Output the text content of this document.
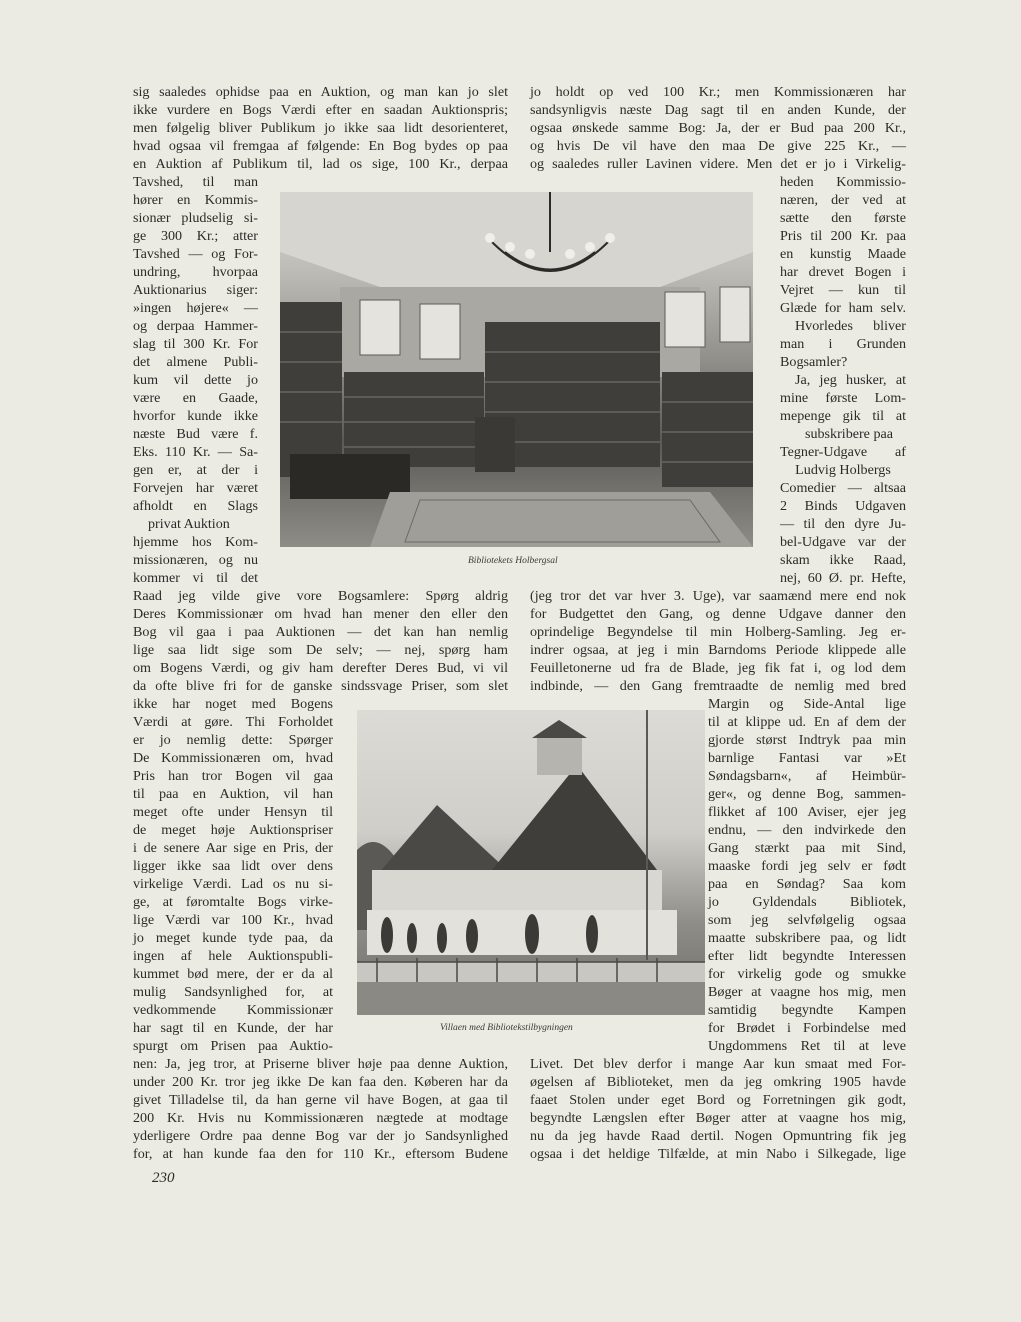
Bibliotekets Holbergsal
Villaen med Bibliotekstilbygningen
sig saaledes ophidse paa en Auktion, og man kan jo slet
ikke vurdere en Bogs Værdi efter en saadan Auktionspris;
men følgelig bliver Publikum jo ikke saa lidt desorienteret,
hvad ogsaa vil fremgaa af følgende: En Bog bydes op paa
en Auktion af Publikum til, lad os sige, 100 Kr., derpaa
Tavshed, til man
hører en Kommis-
sionær pludselig si-
ge 300 Kr.; atter
Tavshed — og For-
undring, hvorpaa
Auktionarius siger:
»ingen højere« —
og derpaa Hammer-
slag til 300 Kr. For
det almene Publi-
kum vil dette jo
være en Gaade,
hvorfor kunde ikke
næste Bud være f.
Eks. 110 Kr. — Sa-
gen er, at der i
Forvejen har været
afholdt en Slags
privat Auktion
hjemme hos Kom-
missionæren, og nu
kommer vi til det
Raad jeg vilde give vore Bogsamlere: Spørg aldrig
Deres Kommissionær om hvad han mener den eller den
Bog vil gaa i paa Auktionen — det kan han nemlig
lige saa lidt sige som De selv; — nej, spørg ham
om Bogens Værdi, og giv ham derefter Deres Bud, vi vil
da ofte blive fri for de ganske sindssvage Priser, som slet
ikke har noget med Bogens
Værdi at gøre. Thi Forholdet
er jo nemlig dette: Spørger
De Kommissionæren om, hvad
Pris han tror Bogen vil gaa
til paa en Auktion, vil han
meget ofte under Hensyn til
de meget høje Auktionspriser
i de senere Aar sige en Pris, der
ligger ikke saa lidt over dens
virkelige Værdi. Lad os nu si-
ge, at føromtalte Bogs virke-
lige Værdi var 100 Kr., hvad
jo meget kunde tyde paa, da
ingen af hele Auktionspubli-
kummet bød mere, der er da al
mulig Sandsynlighed for, at
vedkommende Kommissionær
har sagt til en Kunde, der har
spurgt om Prisen paa Auktio-
nen: Ja, jeg tror, at Priserne bliver høje paa denne Auktion,
under 200 Kr. tror jeg ikke De kan faa den. Køberen har da
givet Tilladelse til, da han gerne vil have Bogen, at gaa til
200 Kr. Hvis nu Kommissionæren nægtede at modtage
yderligere Ordre paa denne Bog var der jo Sandsynlighed
for, at han kunde faa den for 110 Kr., eftersom Budene
jo holdt op ved 100 Kr.; men Kommissionæren har
sandsynligvis næste Dag sagt til en anden Kunde, der
ogsaa ønskede samme Bog: Ja, der er Bud paa 200 Kr.,
og hvis De vil have den maa De give 225 Kr., —
og saaledes ruller Lavinen videre. Men det er jo i Virkelig-
heden Kommissio-
næren, der ved at
sætte den første
Pris til 200 Kr. paa
en kunstig Maade
har drevet Bogen i
Vejret — kun til
Glæde for ham selv.
Hvorledes bliver
man i Grunden
Bogsamler?
Ja, jeg husker, at
mine første Lom-
mepenge gik til at
subskribere paa
Tegner-Udgave af
Ludvig Holbergs
Comedier — altsaa
2 Binds Udgaven
— til den dyre Ju-
bel-Udgave var der
skam ikke Raad,
nej, 60 Ø. pr. Hefte,
(jeg tror det var hver 3. Uge), var saamænd mere end nok
for Budgettet den Gang, og denne Udgave danner den
oprindelige Begyndelse til min Holberg-Samling. Jeg er-
indrer ogsaa, at jeg i min Barndoms Periode klippede alle
Feuilletonerne ud fra de Blade, jeg fik fat i, og lod dem
indbinde, — den Gang fremtraadte de nemlig med bred
Margin og Side-Antal lige
til at klippe ud. En af dem der
gjorde størst Indtryk paa min
barnlige Fantasi var »Et
Søndagsbarn«, af Heimbür-
ger«, og denne Bog, sammen-
flikket af 100 Aviser, ejer jeg
endnu, — den indvirkede den
Gang stærkt paa mit Sind,
maaske fordi jeg selv er født
paa en Søndag? Saa kom
jo Gyldendals Bibliotek,
som jeg selvfølgelig ogsaa
maatte subskribere paa, og lidt
efter lidt begyndte Interessen
for virkelig gode og smukke
Bøger at vaagne hos mig, men
samtidig begyndte Kampen
for Brødet i Forbindelse med
Ungdommens Ret til at leve
Livet. Det blev derfor i mange Aar kun smaat med For-
øgelsen af Biblioteket, men da jeg omkring 1905 havde
faaet Stolen under eget Bord og Forretningen gik godt,
begyndte Længslen efter Bøger atter at vaagne hos mig,
nu da jeg havde Raad dertil. Nogen Opmuntring fik jeg
ogsaa i det heldige Tilfælde, at min Nabo i Silkegade, lige
230
